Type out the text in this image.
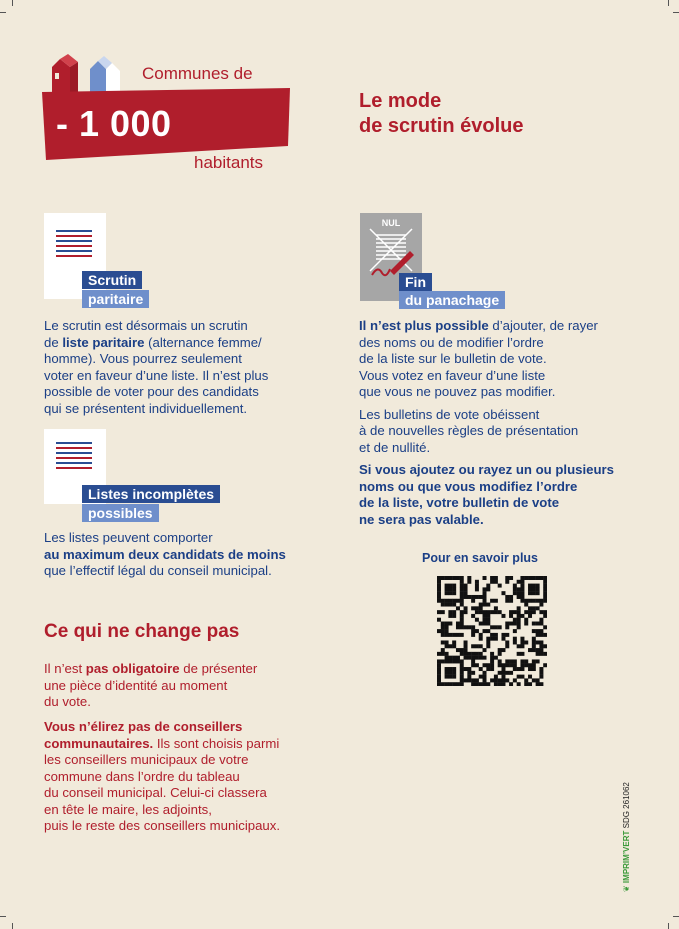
- 1 000
Communes de
habitants
Le mode
de scrutin évolue
Scrutin
paritaire

Le scrutin est désormais un scrutin

de liste paritaire (alternance femme/

homme). Vous pourrez seulement

voter en faveur d’une liste. Il n’est plus

possible de voter pour des candidats

qui se présentent individuellement.

Listes incomplètes
possibles

Les listes peuvent comporter

au maximum deux candidats de moins

que l’effectif légal du conseil municipal.

Ce qui ne change pas

Il n’est pas obligatoire de présenter

une pièce d’identité au moment

du vote.

Vous n’élirez pas de conseillers

communautaires. Ils sont choisis parmi

les conseillers municipaux de votre

commune dans l’ordre du tableau

du conseil municipal. Celui-ci classera

en tête le maire, les adjoints,

puis le reste des conseillers municipaux.

NUL
Fin
du panachage

Il n’est plus possible d’ajouter, de rayer

des noms ou de modifier l’ordre

de la liste sur le bulletin de vote.

Vous votez en faveur d’une liste

que vous ne pouvez pas modifier.

Les bulletins de vote obéissent

à de nouvelles règles de présentation

et de nullité.

Si vous ajoutez ou rayez un ou plusieurs

noms ou que vous modifiez l’ordre

de la liste, votre bulletin de vote

ne sera pas valable.

Pour en savoir plus
❦ IMPRIM’VERT SDG 261062
